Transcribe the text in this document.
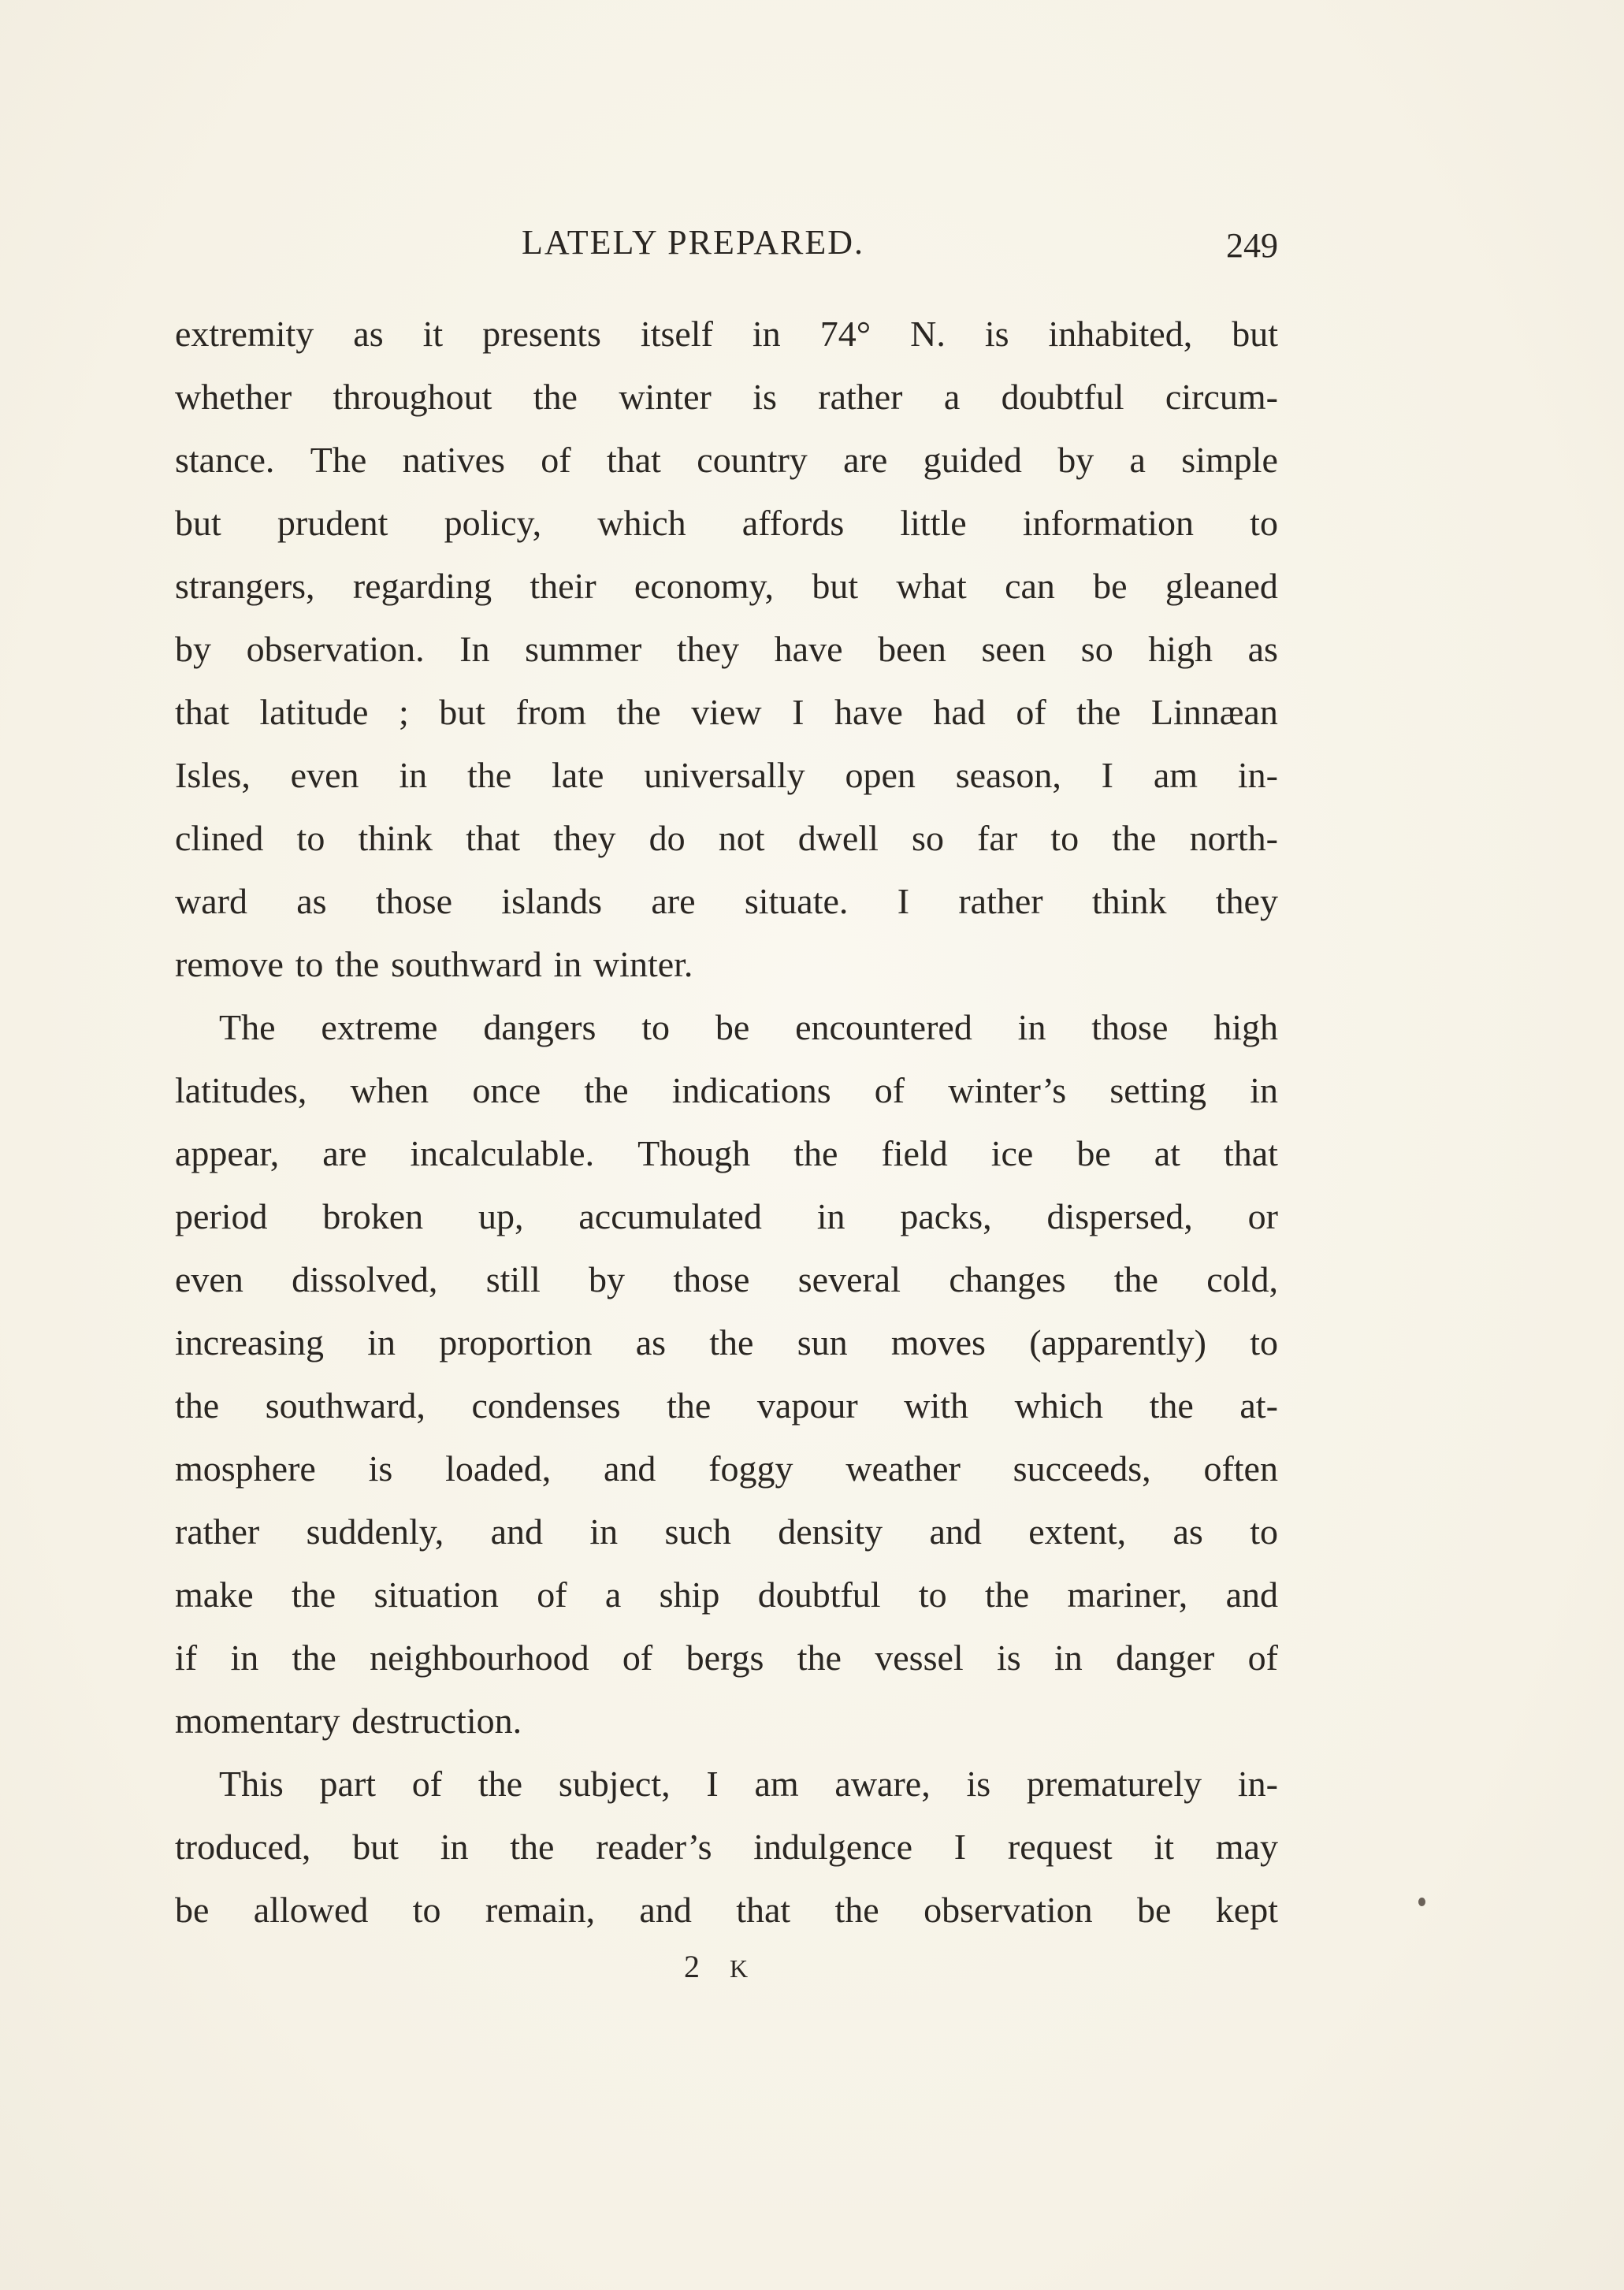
LATELY PREPARED.	249
extremity as it presents itself in 74° N. is inhabited, but
whether throughout the winter is rather a doubtful circum-
stance. The natives of that country are guided by a simple
but prudent policy, which affords little information to
strangers, regarding their economy, but what can be gleaned
by observation. In summer they have been seen so high as
that latitude ; but from the view I have had of the Linnæan
Isles, even in the late universally open season, I am in-
clined to think that they do not dwell so far to the north-
ward as those islands are situate. I rather think they
remove to the southward in winter.
The extreme dangers to be encountered in those high
latitudes, when once the indications of winter’s setting in
appear, are incalculable. Though the field ice be at that
period broken up, accumulated in packs, dispersed, or
even dissolved, still by those several changes the cold,
increasing in proportion as the sun moves (apparently) to
the southward, condenses the vapour with which the at-
mosphere is loaded, and foggy weather succeeds, often
rather suddenly, and in such density and extent, as to
make the situation of a ship doubtful to the mariner, and
if in the neighbourhood of bergs the vessel is in danger of
momentary destruction.
This part of the subject, I am aware, is prematurely in-
troduced, but in the reader’s indulgence I request it may
be allowed to remain, and that the observation be kept
2 K
